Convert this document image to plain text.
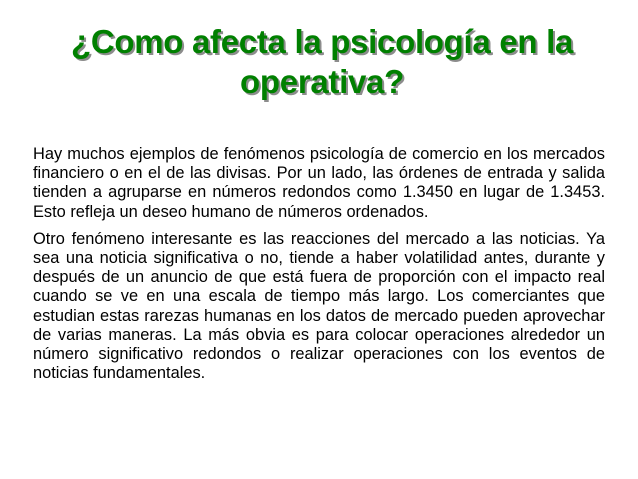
¿Como afecta la psicología en la operativa?

Hay muchos ejemplos de fenómenos psicología de comercio en los mercados financiero o en el de las divisas. Por un lado, las órdenes de entrada y salida tienden a agruparse en números redondos como 1.3450 en lugar de 1.3453. Esto refleja un deseo humano de números ordenados.

Otro fenómeno interesante es las reacciones del mercado a las noticias. Ya sea una noticia significativa o no, tiende a haber volatilidad antes, durante y después de un anuncio de que está fuera de proporción con el impacto real cuando se ve en una escala de tiempo más largo. Los comerciantes que estudian estas rarezas humanas en los datos de mercado pueden aprovechar de varias maneras. La más obvia es para colocar operaciones alrededor un número significativo redondos o realizar operaciones con los eventos de noticias fundamentales.
